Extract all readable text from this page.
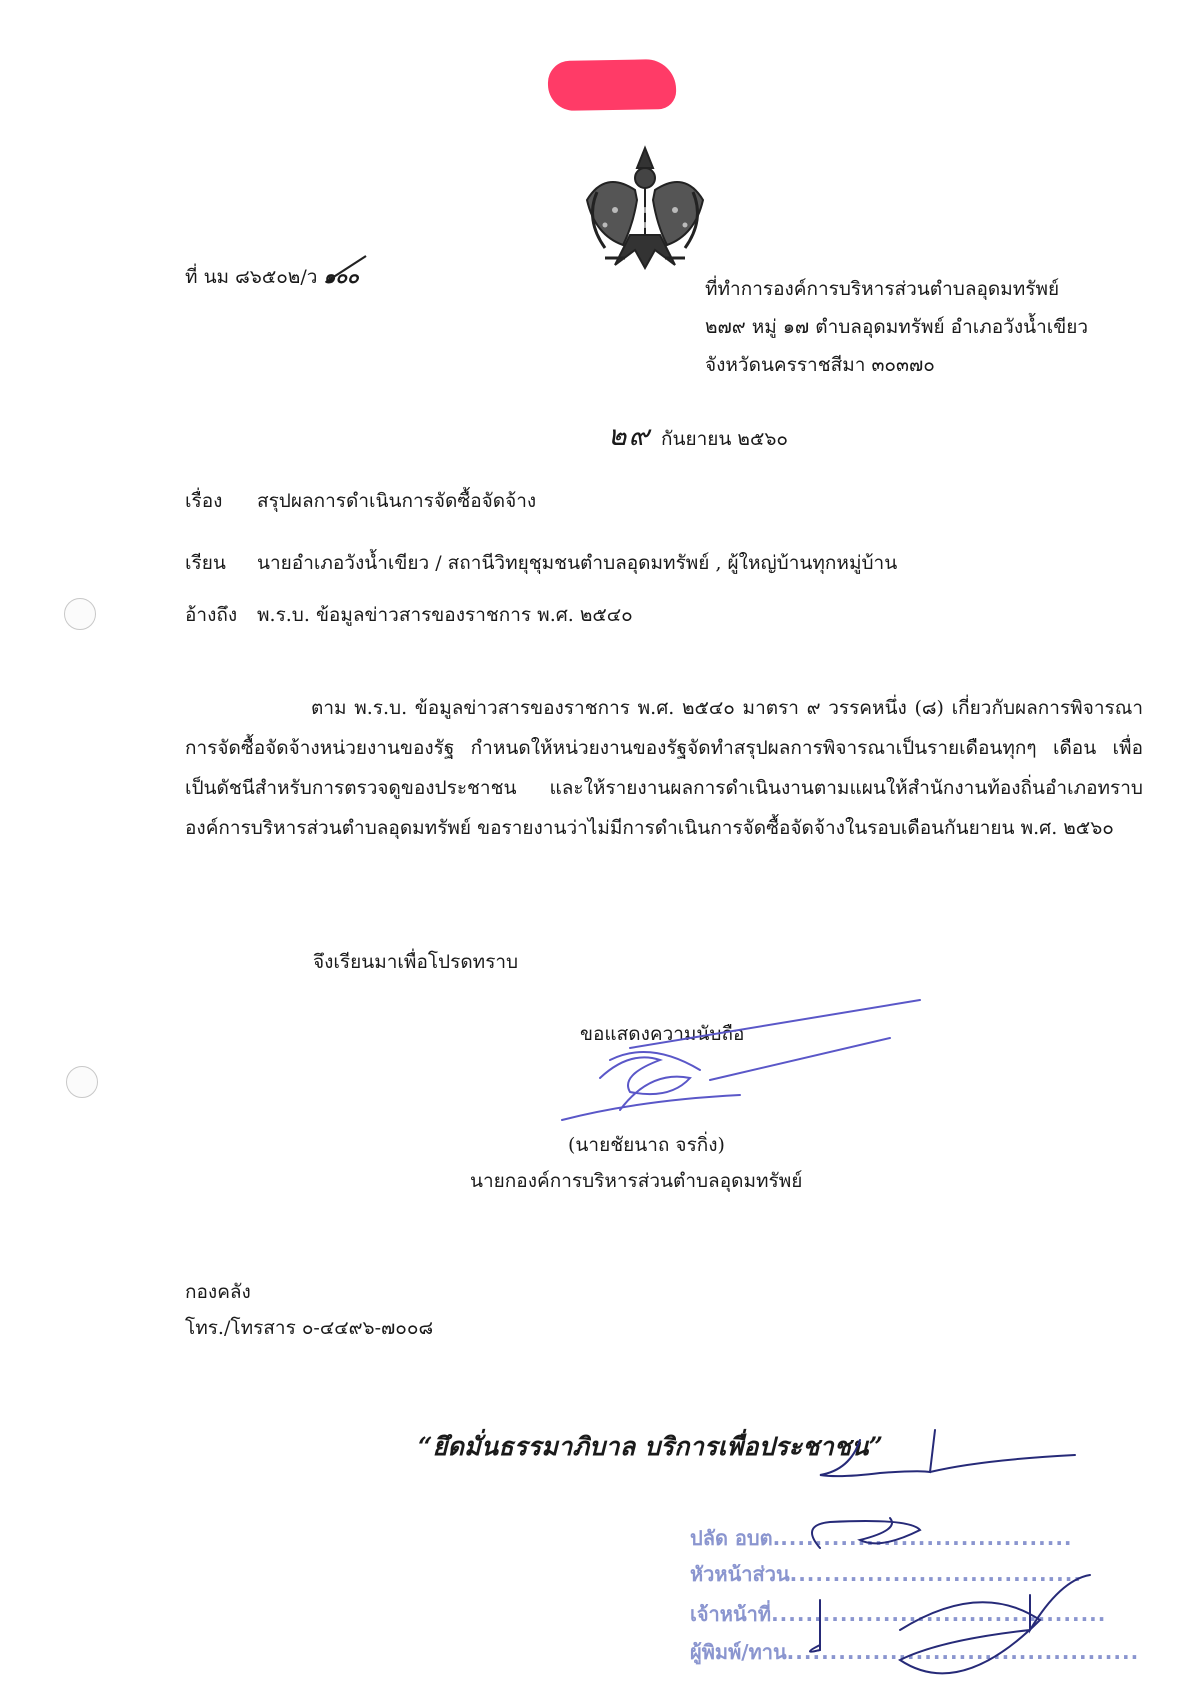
ที่ นม ๘๖๕๐๒/ว ๑๐๐
ที่ทำการองค์การบริหารส่วนตำบลอุดมทรัพย์
๒๗๙ หมู่ ๑๗ ตำบลอุดมทรัพย์ อำเภอวังน้ำเขียว
จังหวัดนครราชสีมา ๓๐๓๗๐
๒๙ กันยายน ๒๕๖๐
เรื่อง สรุปผลการดำเนินการจัดซื้อจัดจ้าง
เรียน นายอำเภอวังน้ำเขียว / สถานีวิทยุชุมชนตำบลอุดมทรัพย์ , ผู้ใหญ่บ้านทุกหมู่บ้าน
อ้างถึง พ.ร.บ. ข้อมูลข่าวสารของราชการ พ.ศ. ๒๕๔๐
ตาม พ.ร.บ. ข้อมูลข่าวสารของราชการ พ.ศ. ๒๕๔๐ มาตรา ๙ วรรคหนึ่ง (๘) เกี่ยวกับผลการพิจารณาการจัดซื้อจัดจ้างหน่วยงานของรัฐ กำหนดให้หน่วยงานของรัฐจัดทำสรุปผลการพิจารณาเป็นรายเดือนทุกๆ เดือน เพื่อเป็นดัชนีสำหรับการตรวจดูของประชาชน และให้รายงานผลการดำเนินงานตามแผนให้สำนักงานท้องถิ่นอำเภอทราบ องค์การบริหารส่วนตำบลอุดมทรัพย์ ขอรายงานว่าไม่มีการดำเนินการจัดซื้อจัดจ้างในรอบเดือนกันยายน พ.ศ. ๒๕๖๐
จึงเรียนมาเพื่อโปรดทราบ
ขอแสดงความนับถือ
(นายชัยนาถ จรกิ่ง)
นายกองค์การบริหารส่วนตำบลอุดมทรัพย์
กองคลัง
โทร./โทรสาร ๐-๔๔๙๖-๗๐๐๘
“ยึดมั่นธรรมาภิบาล บริการเพื่อประชาชน”
ปลัด อบต...................................
หัวหน้าส่วน..................................
เจ้าหน้าที่.......................................
ผู้พิมพ์/ทาน.........................................
